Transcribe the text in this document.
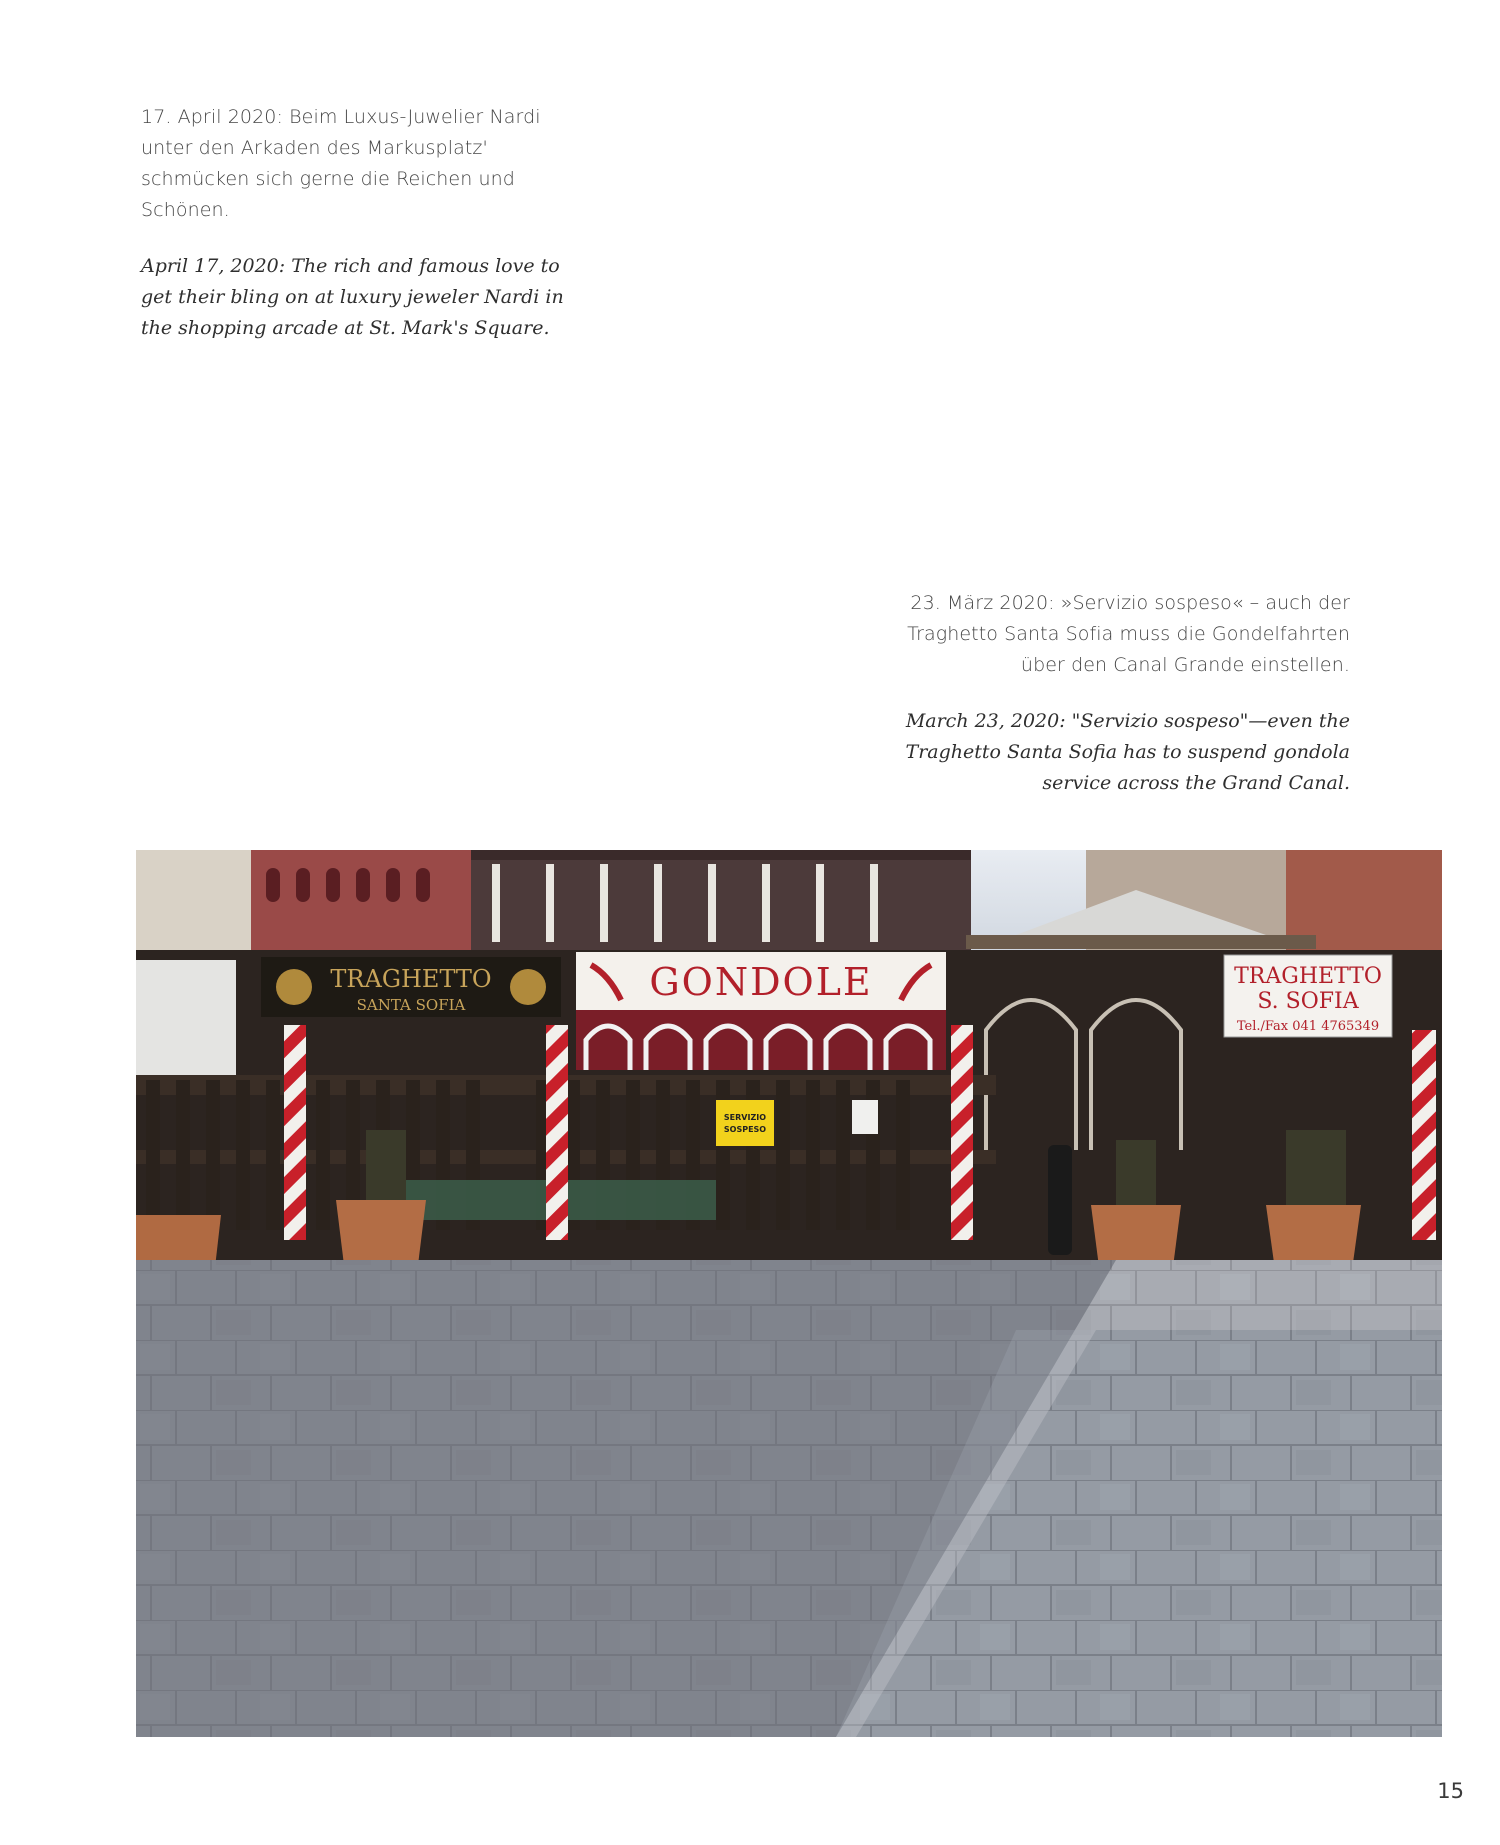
17. April 2020: Beim Luxus-Juwelier Nardi unter den Arkaden des Markusplatz' schmücken sich gerne die Reichen und Schönen.

April 17, 2020: The rich and famous love to get their bling on at luxury jeweler Nardi in the shopping arcade at St. Mark's Square.

23. März 2020: »Servizio sospeso« – auch der Traghetto Santa Sofia muss die Gondelfahrten über den Canal Grande einstellen.

March 23, 2020: "Servizio sospeso"—even the Traghetto Santa Sofia has to suspend gondola service across the Grand Canal.

TRAGHETTO
SANTA SOFIA
GONDOLE	TRAGHETTO
S. SOFIA
Tel./Fax 041 4765349
SERVIZIO
SOSPESO
15
